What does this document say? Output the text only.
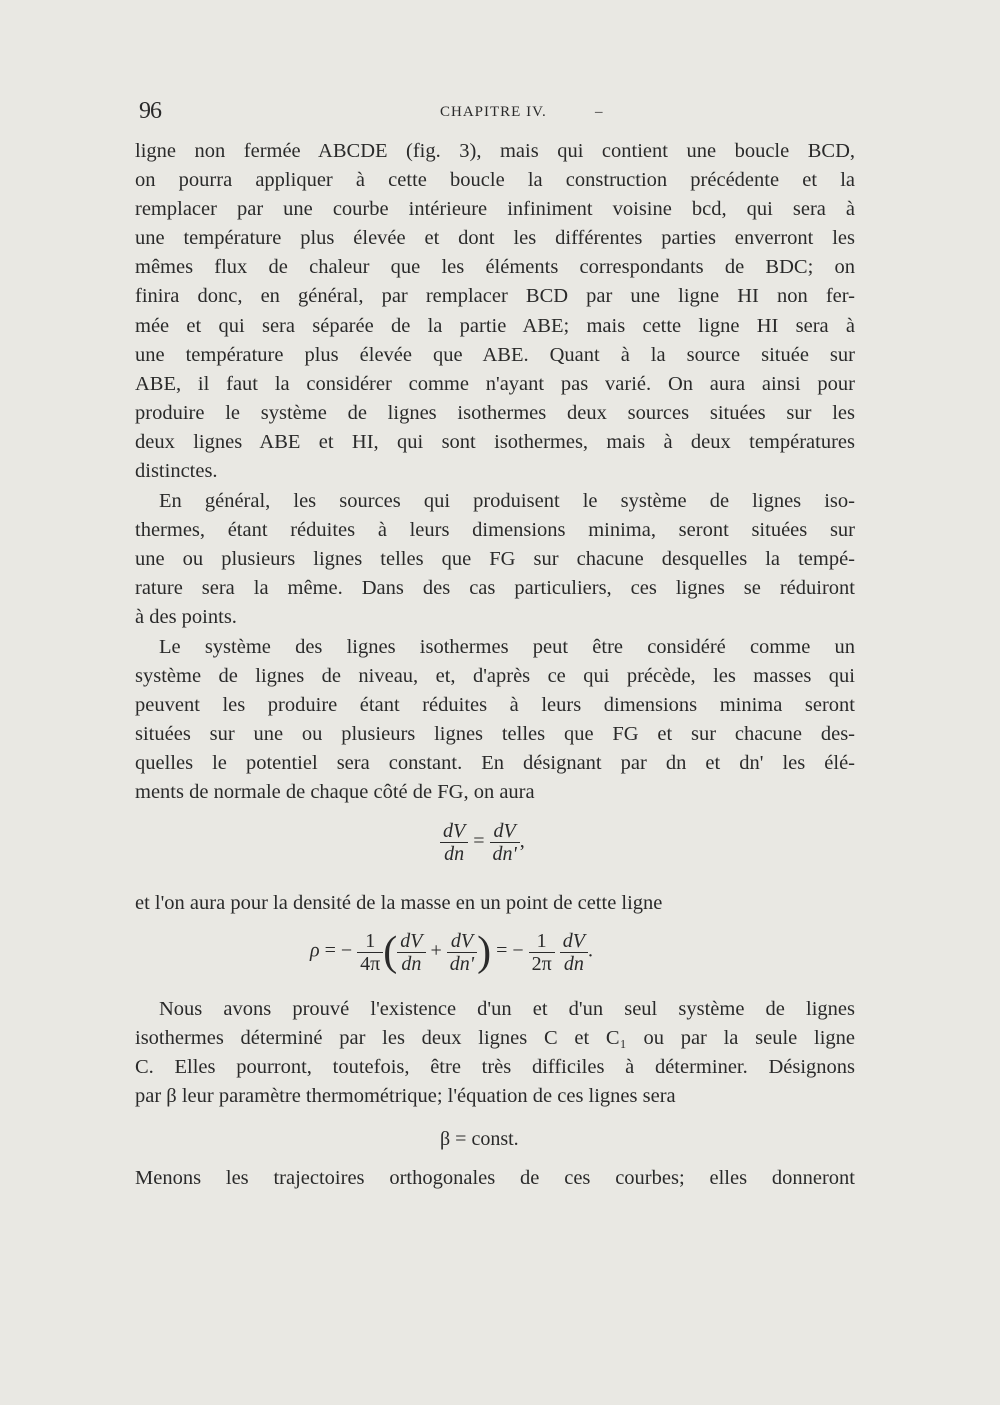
96	CHAPITRE IV.	–
ligne non fermée ABCDE (fig. 3), mais qui contient une boucle BCD,
on pourra appliquer à cette boucle la construction précédente et la
remplacer par une courbe intérieure infiniment voisine bcd, qui sera à
une température plus élevée et dont les différentes parties enverront les
mêmes flux de chaleur que les éléments correspondants de BDC; on
finira donc, en général, par remplacer BCD par une ligne HI non fer-
mée et qui sera séparée de la partie ABE; mais cette ligne HI sera à
une température plus élevée que ABE. Quant à la source située sur
ABE, il faut la considérer comme n'ayant pas varié. On aura ainsi pour
produire le système de lignes isothermes deux sources situées sur les
deux lignes ABE et HI, qui sont isothermes, mais à deux températures
distinctes.
En général, les sources qui produisent le système de lignes iso-
thermes, étant réduites à leurs dimensions minima, seront situées sur
une ou plusieurs lignes telles que FG sur chacune desquelles la tempé-
rature sera la même. Dans des cas particuliers, ces lignes se réduiront
à des points.
Le système des lignes isothermes peut être considéré comme un
système de lignes de niveau, et, d'après ce qui précède, les masses qui
peuvent les produire étant réduites à leurs dimensions minima seront
situées sur une ou plusieurs lignes telles que FG et sur chacune des-
quelles le potentiel sera constant. En désignant par dn et dn' les élé-
ments de normale de chaque côté de FG, on aura
$\frac{dV}{dn} = \frac{dV}{dn'}$ ,
et l'on aura pour la densité de la masse en un point de cette ligne
ρ = − $\frac{1}{4\pi}$ ( $\frac{dV}{dn} + \frac{dV}{dn'}$ ) = − $\frac{1}{2\pi}$
$\frac{dV}{dn}$ .
Nous avons prouvé l'existence d'un et d'un seul système de lignes
isothermes déterminé par les deux lignes C et C₁ ou par la seule ligne
C. Elles pourront, toutefois, être très difficiles à déterminer. Désignons
par β leur paramètre thermométrique; l'équation de ces lignes sera
β = const.
Menons les trajectoires orthogonales de ces courbes; elles donneront
